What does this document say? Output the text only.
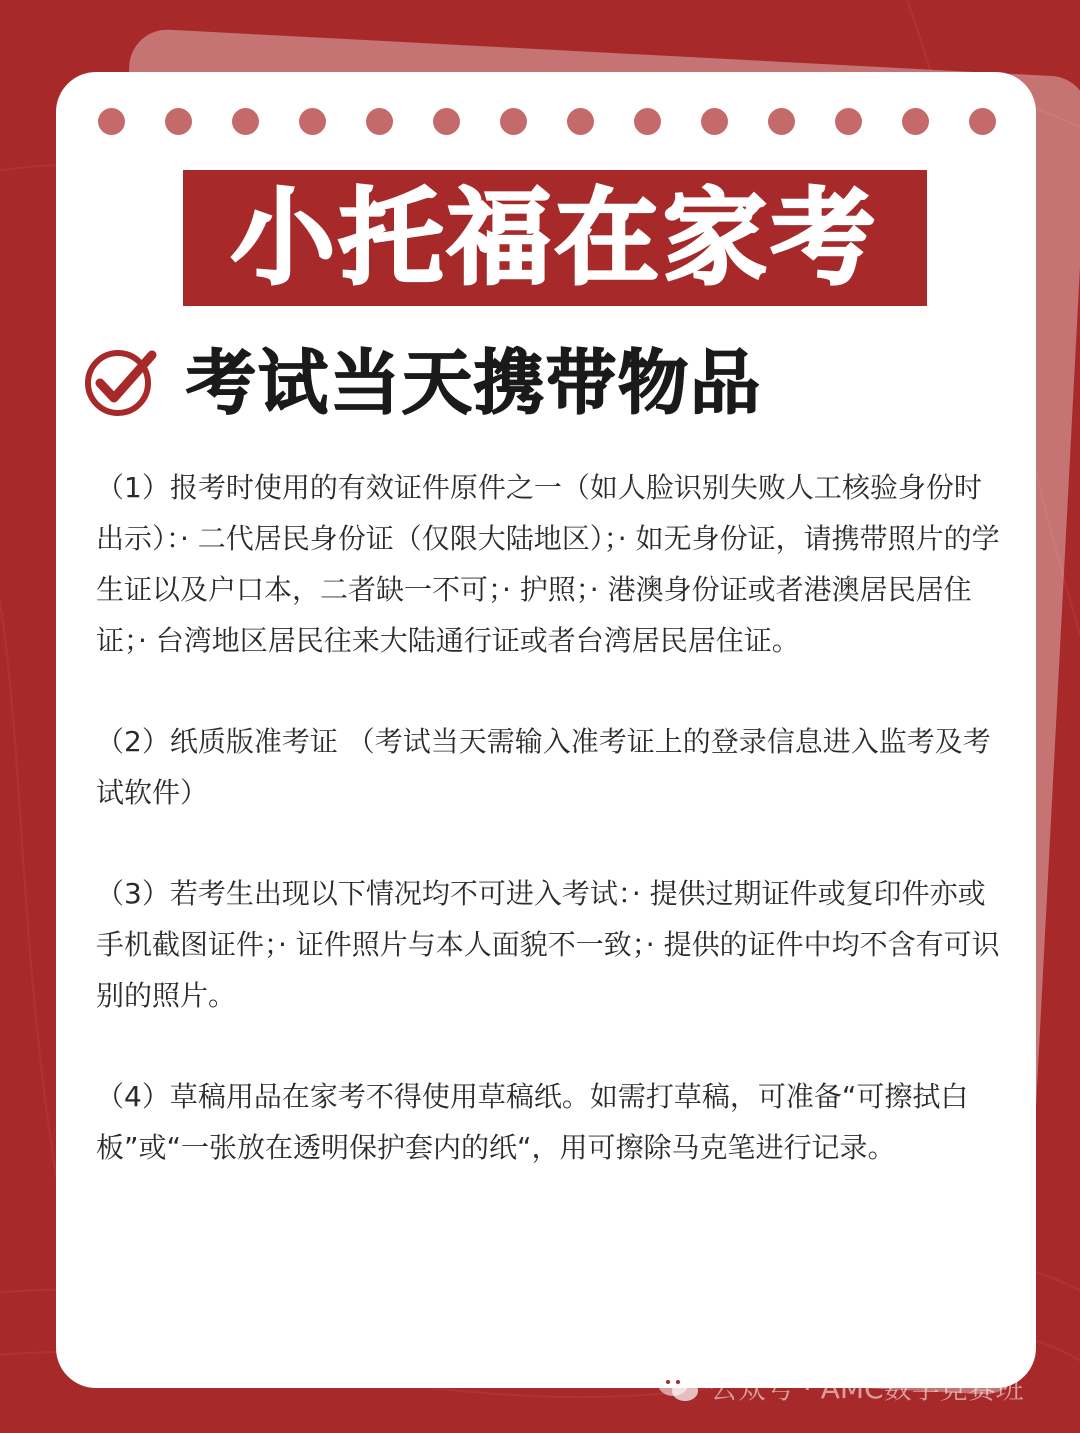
小托福在家考
考试当天携带物品

（1）报考时使用的有效证件原件之一（如人脸识别失败人工核验身份时出示）：· 二代居民身份证（仅限大陆地区）；· 如无身份证，请携带照片的学生证以及户口本，二者缺一不可；· 护照；· 港澳身份证或者港澳居民居住证；· 台湾地区居民往来大陆通行证或者台湾居民居住证。

（2）纸质版准考证 （考试当天需输入准考证上的登录信息进入监考及考试软件）

（3）若考生出现以下情况均不可进入考试：· 提供过期证件或复印件亦或手机截图证件；· 证件照片与本人面貌不一致；· 提供的证件中均不含有可识别的照片。

（4）草稿用品在家考不得使用草稿纸。如需打草稿，可准备“可擦拭白板”或“一张放在透明保护套内的纸“，用可擦除马克笔进行记录。

公众号 · AMC数学竞赛班
